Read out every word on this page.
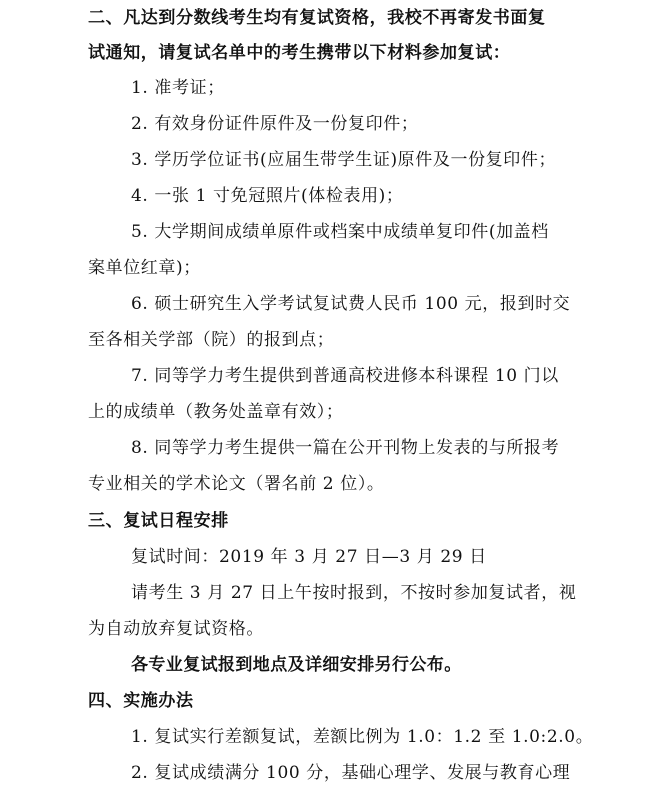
二、凡达到分数线考生均有复试资格，我校不再寄发书面复
试通知，请复试名单中的考生携带以下材料参加复试：
1. 准考证；
2. 有效身份证件原件及一份复印件；
3. 学历学位证书(应届生带学生证)原件及一份复印件；
4. 一张 1 寸免冠照片(体检表用)；
5. 大学期间成绩单原件或档案中成绩单复印件(加盖档
案单位红章)；
6. 硕士研究生入学考试复试费人民币 100 元，报到时交
至各相关学部（院）的报到点；
7. 同等学力考生提供到普通高校进修本科课程 10 门以
上的成绩单（教务处盖章有效）；
8. 同等学力考生提供一篇在公开刊物上发表的与所报考
专业相关的学术论文（署名前 2 位）。
三、复试日程安排
复试时间：2019 年 3 月 27 日—3 月 29 日
请考生 3 月 27 日上午按时报到，不按时参加复试者，视
为自动放弃复试资格。
各专业复试报到地点及详细安排另行公布。
四、实施办法
1. 复试实行差额复试，差额比例为 1.0：1.2 至 1.0:2.0。
2. 复试成绩满分 100 分，基础心理学、发展与教育心理
